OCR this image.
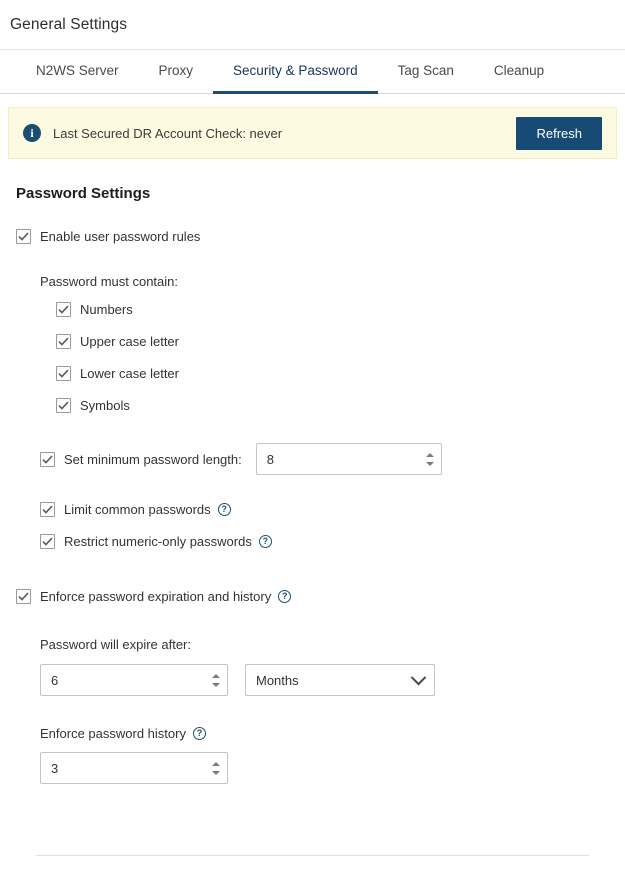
General Settings
N2WS Server	Proxy	Security & Password	Tag Scan	Cleanup
i	Last Secured DR Account Check: never	Refresh
Password Settings
Enable user password rules
Password must contain:
Numbers
Upper case letter
Lower case letter
Symbols
Set minimum password length:
8
Limit common passwords	?
Restrict numeric-only passwords	?
Enforce password expiration and history	?
Password will expire after:
6
Months
Enforce password history	?
3
